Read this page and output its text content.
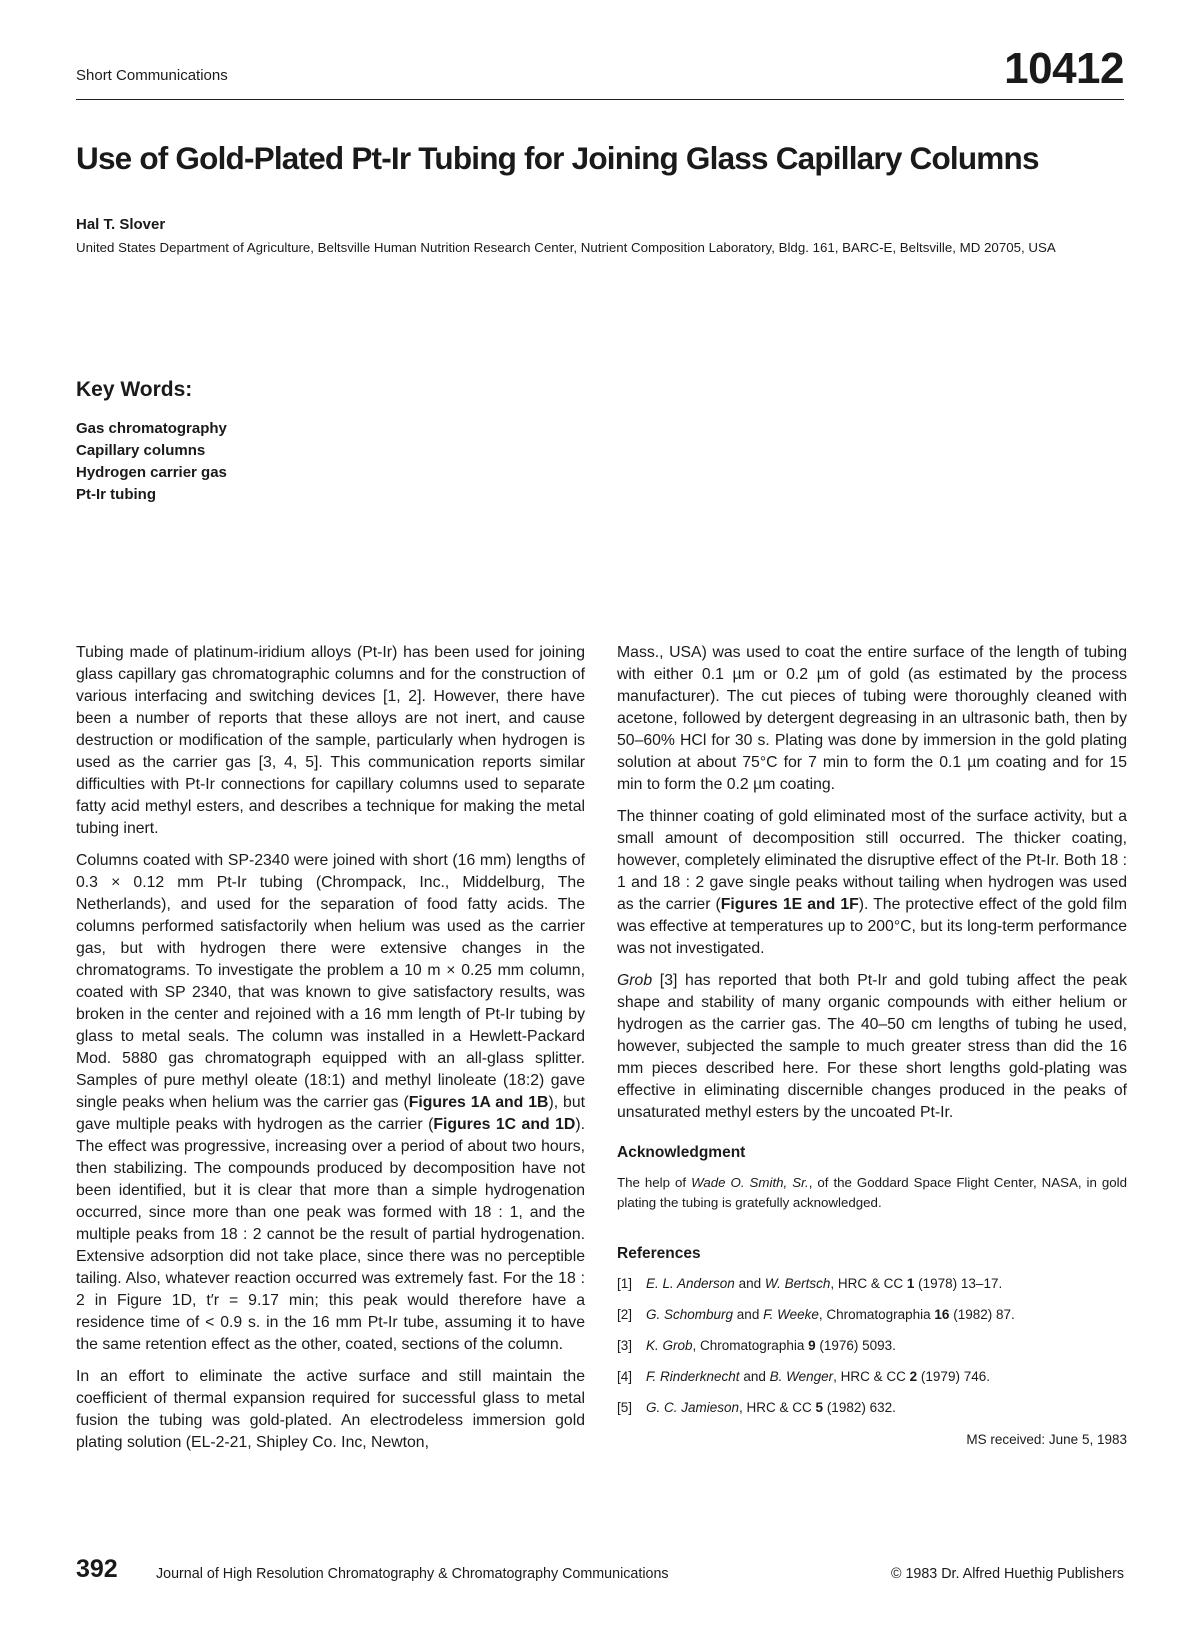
Short Communications	10412
Use of Gold-Plated Pt-Ir Tubing for Joining Glass Capillary Columns
Hal T. Slover
United States Department of Agriculture, Beltsville Human Nutrition Research Center, Nutrient Composition Laboratory, Bldg. 161, BARC-E, Beltsville, MD 20705, USA
Key Words:
Gas chromatography
Capillary columns
Hydrogen carrier gas
Pt-Ir tubing

Tubing made of platinum-iridium alloys (Pt-Ir) has been used for joining glass capillary gas chromatographic columns and for the construction of various interfacing and switching devices [1, 2]. However, there have been a number of reports that these alloys are not inert, and cause destruction or modification of the sample, particularly when hydrogen is used as the carrier gas [3, 4, 5]. This communication reports similar difficulties with Pt-Ir connections for capillary columns used to separate fatty acid methyl esters, and describes a technique for making the metal tubing inert.

Columns coated with SP-2340 were joined with short (16 mm) lengths of 0.3 × 0.12 mm Pt-Ir tubing (Chrompack, Inc., Middelburg, The Netherlands), and used for the separation of food fatty acids. The columns performed satisfactorily when helium was used as the carrier gas, but with hydrogen there were extensive changes in the chromatograms. To investigate the problem a 10 m × 0.25 mm column, coated with SP 2340, that was known to give satisfactory results, was broken in the center and rejoined with a 16 mm length of Pt-Ir tubing by glass to metal seals. The column was installed in a Hewlett-Packard Mod. 5880 gas chromatograph equipped with an all-glass splitter. Samples of pure methyl oleate (18:1) and methyl linoleate (18:2) gave single peaks when helium was the carrier gas (Figures 1A and 1B), but gave multiple peaks with hydrogen as the carrier (Figures 1C and 1D). The effect was progressive, increasing over a period of about two hours, then stabilizing. The compounds produced by decomposition have not been identified, but it is clear that more than a simple hydrogenation occurred, since more than one peak was formed with 18 : 1, and the multiple peaks from 18 : 2 cannot be the result of partial hydrogenation. Extensive adsorption did not take place, since there was no perceptible tailing. Also, whatever reaction occurred was extremely fast. For the 18 : 2 in Figure 1D, t′r = 9.17 min; this peak would therefore have a residence time of < 0.9 s. in the 16 mm Pt-Ir tube, assuming it to have the same retention effect as the other, coated, sections of the column.

In an effort to eliminate the active surface and still maintain the coefficient of thermal expansion required for successful glass to metal fusion the tubing was gold-plated. An electrodeless immersion gold plating solution (EL-2-21, Shipley Co. Inc, Newton,

Mass., USA) was used to coat the entire surface of the length of tubing with either 0.1 µm or 0.2 µm of gold (as estimated by the process manufacturer). The cut pieces of tubing were thoroughly cleaned with acetone, followed by detergent degreasing in an ultrasonic bath, then by 50–60% HCl for 30 s. Plating was done by immersion in the gold plating solution at about 75°C for 7 min to form the 0.1 µm coating and for 15 min to form the 0.2 µm coating.

The thinner coating of gold eliminated most of the surface activity, but a small amount of decomposition still occurred. The thicker coating, however, completely eliminated the disruptive effect of the Pt-Ir. Both 18 : 1 and 18 : 2 gave single peaks without tailing when hydrogen was used as the carrier (Figures 1E and 1F). The protective effect of the gold film was effective at temperatures up to 200°C, but its long-term performance was not investigated.

Grob [3] has reported that both Pt-Ir and gold tubing affect the peak shape and stability of many organic compounds with either helium or hydrogen as the carrier gas. The 40–50 cm lengths of tubing he used, however, subjected the sample to much greater stress than did the 16 mm pieces described here. For these short lengths gold-plating was effective in eliminating discernible changes produced in the peaks of unsaturated methyl esters by the uncoated Pt-Ir.

Acknowledgment

The help of Wade O. Smith, Sr., of the Goddard Space Flight Center, NASA, in gold plating the tubing is gratefully acknowledged.

References
[1]	E. L. Anderson and W. Bertsch, HRC & CC 1 (1978) 13–17.
[2]	G. Schomburg and F. Weeke, Chromatographia 16 (1982) 87.
[3]	K. Grob, Chromatographia 9 (1976) 5093.
[4]	F. Rinderknecht and B. Wenger, HRC & CC 2 (1979) 746.
[5]	G. C. Jamieson, HRC & CC 5 (1982) 632.
MS received: June 5, 1983
392	Journal of High Resolution Chromatography & Chromatography Communications	© 1983 Dr. Alfred Huethig Publishers
